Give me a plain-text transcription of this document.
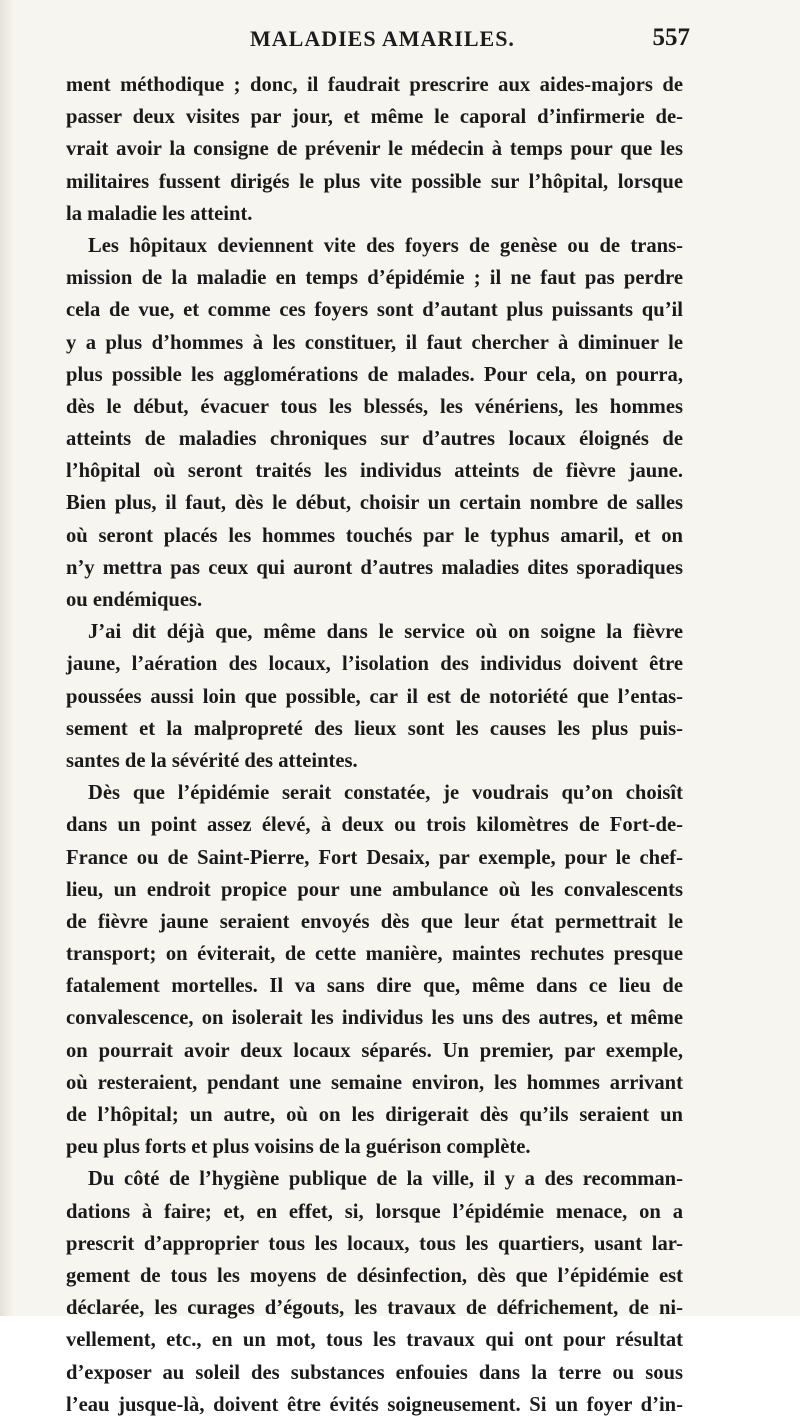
MALADIES AMARILES.	557
ment méthodique ; donc, il faudrait prescrire aux aides-majors de
passer deux visites par jour, et même le caporal d’infirmerie de-
vrait avoir la consigne de prévenir le médecin à temps pour que les
militaires fussent dirigés le plus vite possible sur l’hôpital, lorsque
la maladie les atteint.
Les hôpitaux deviennent vite des foyers de genèse ou de trans-
mission de la maladie en temps d’épidémie ; il ne faut pas perdre
cela de vue, et comme ces foyers sont d’autant plus puissants qu’il
y a plus d’hommes à les constituer, il faut chercher à diminuer le
plus possible les agglomérations de malades. Pour cela, on pourra,
dès le début, évacuer tous les blessés, les vénériens, les hommes
atteints de maladies chroniques sur d’autres locaux éloignés de
l’hôpital où seront traités les individus atteints de fièvre jaune.
Bien plus, il faut, dès le début, choisir un certain nombre de salles
où seront placés les hommes touchés par le typhus amaril, et on
n’y mettra pas ceux qui auront d’autres maladies dites sporadiques
ou endémiques.
J’ai dit déjà que, même dans le service où on soigne la fièvre
jaune, l’aération des locaux, l’isolation des individus doivent être
poussées aussi loin que possible, car il est de notoriété que l’entas-
sement et la malpropreté des lieux sont les causes les plus puis-
santes de la sévérité des atteintes.
Dès que l’épidémie serait constatée, je voudrais qu’on choisît
dans un point assez élevé, à deux ou trois kilomètres de Fort-de-
France ou de Saint-Pierre, Fort Desaix, par exemple, pour le chef-
lieu, un endroit propice pour une ambulance où les convalescents
de fièvre jaune seraient envoyés dès que leur état permettrait le
transport; on éviterait, de cette manière, maintes rechutes presque
fatalement mortelles. Il va sans dire que, même dans ce lieu de
convalescence, on isolerait les individus les uns des autres, et même
on pourrait avoir deux locaux séparés. Un premier, par exemple,
où resteraient, pendant une semaine environ, les hommes arrivant
de l’hôpital; un autre, où on les dirigerait dès qu’ils seraient un
peu plus forts et plus voisins de la guérison complète.
Du côté de l’hygiène publique de la ville, il y a des recomman-
dations à faire; et, en effet, si, lorsque l’épidémie menace, on a
prescrit d’approprier tous les locaux, tous les quartiers, usant lar-
gement de tous les moyens de désinfection, dès que l’épidémie est
déclarée, les curages d’égouts, les travaux de défrichement, de ni-
vellement, etc., en un mot, tous les travaux qui ont pour résultat
d’exposer au soleil des substances enfouies dans la terre ou sous
l’eau jusque-là, doivent être évités soigneusement. Si un foyer d’in-
